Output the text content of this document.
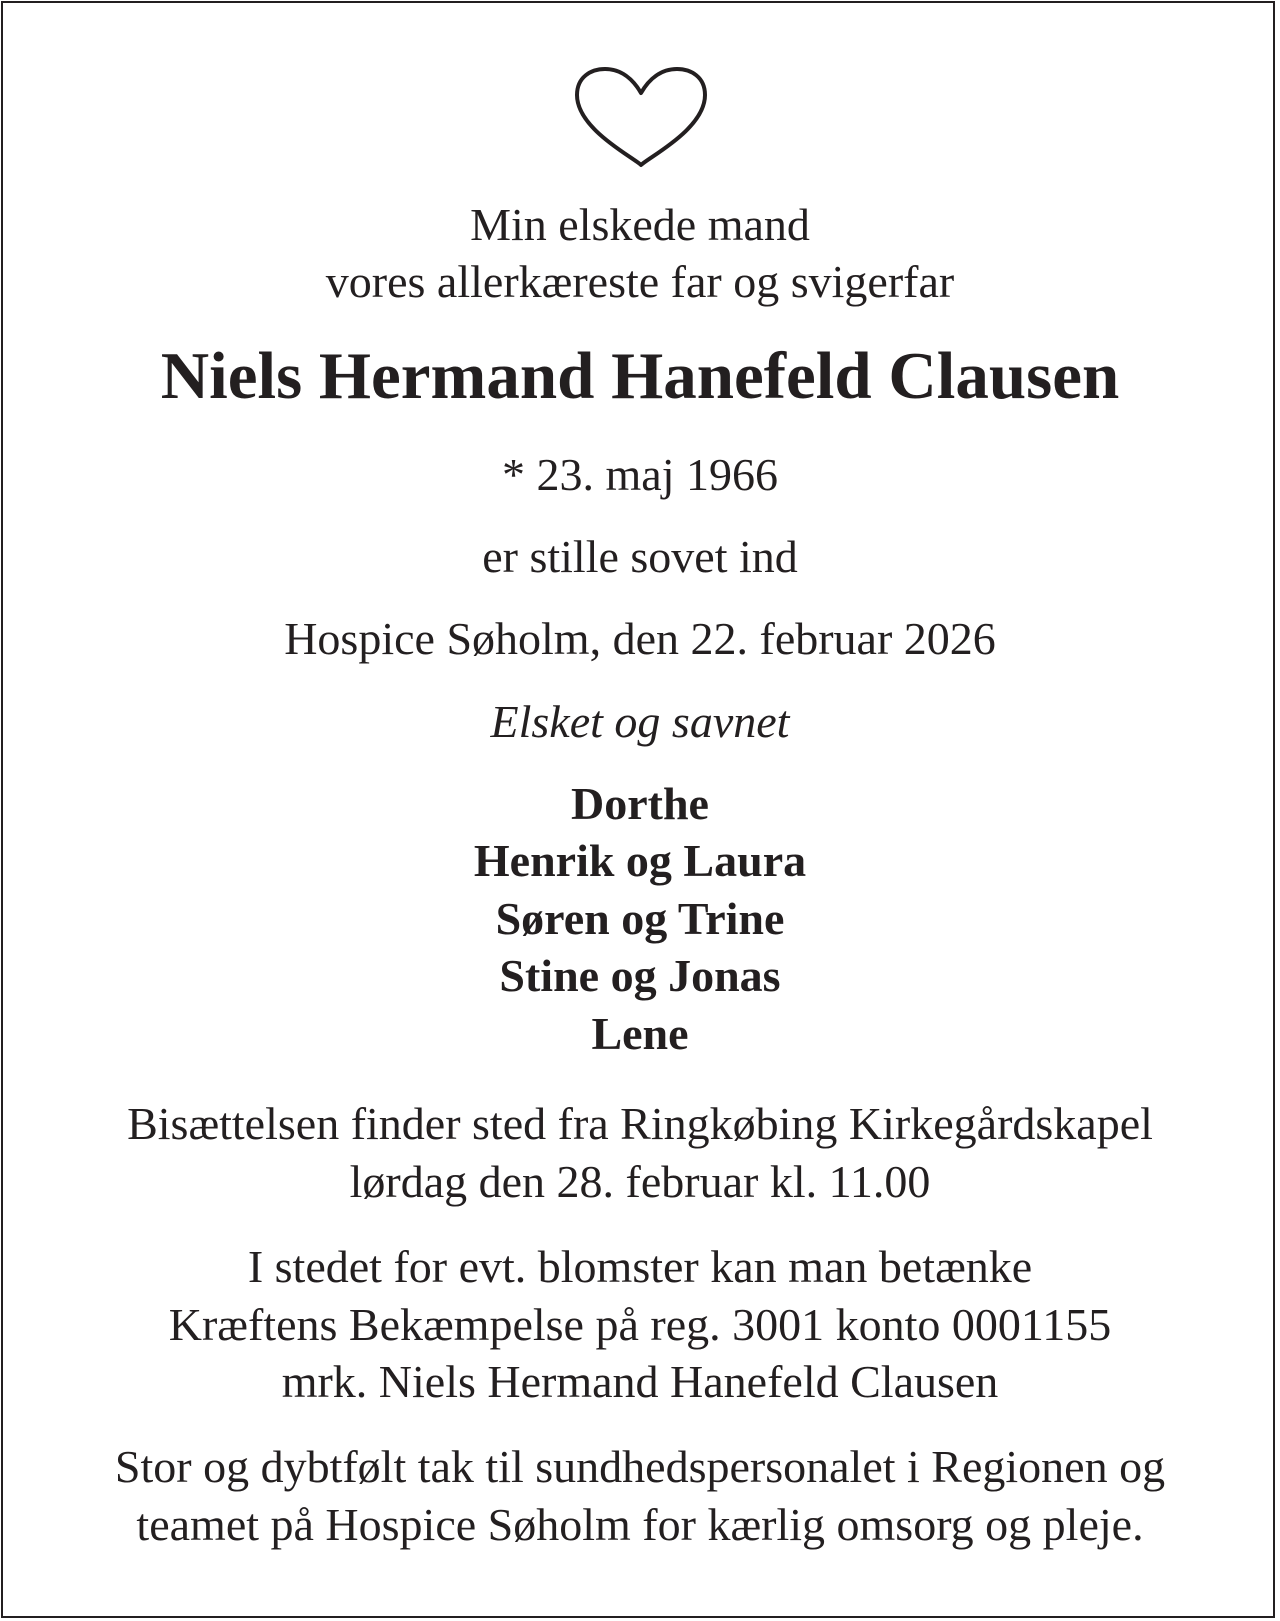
Min elskede mand

vores allerkæreste far og svigerfar

Niels Hermand Hanefeld Clausen

* 23. maj 1966

er stille sovet ind

Hospice Søholm, den 22. februar 2026

Elsket og savnet

Dorthe

Henrik og Laura

Søren og Trine

Stine og Jonas

Lene

Bisættelsen finder sted fra Ringkøbing Kirkegårdskapel

lørdag den 28. februar kl. 11.00

I stedet for evt. blomster kan man betænke

Kræftens Bekæmpelse på reg. 3001 konto 0001155

mrk. Niels Hermand Hanefeld Clausen

Stor og dybtfølt tak til sundhedspersonalet i Regionen og

teamet på Hospice Søholm for kærlig omsorg og pleje.
